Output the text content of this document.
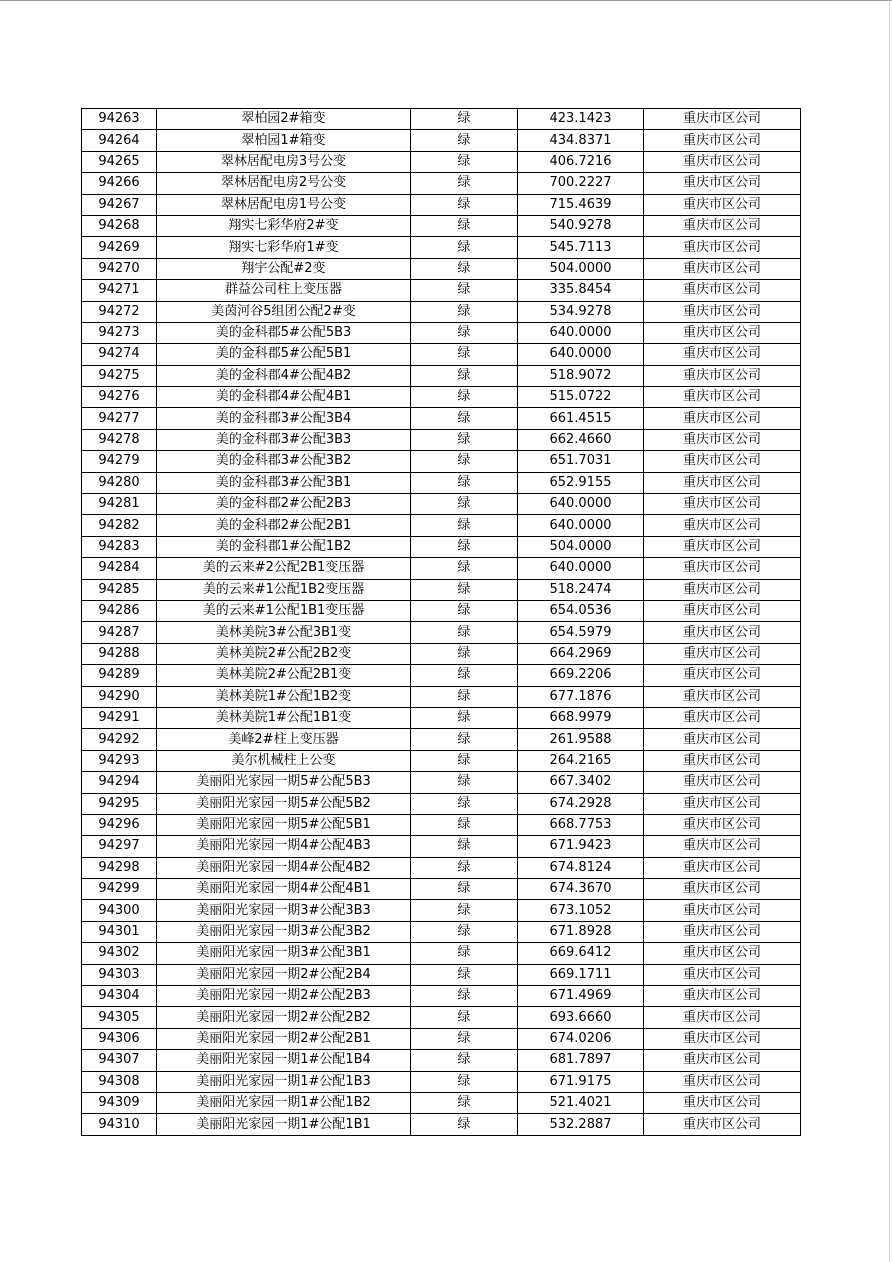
94263	翠柏园2#箱变	绿	423.1423	重庆市区公司
94264	翠柏园1#箱变	绿	434.8371	重庆市区公司
94265	翠林居配电房3号公变	绿	406.7216	重庆市区公司
94266	翠林居配电房2号公变	绿	700.2227	重庆市区公司
94267	翠林居配电房1号公变	绿	715.4639	重庆市区公司
94268	翔实七彩华府2#变	绿	540.9278	重庆市区公司
94269	翔实七彩华府1#变	绿	545.7113	重庆市区公司
94270	翔宇公配#2变	绿	504.0000	重庆市区公司
94271	群益公司柱上变压器	绿	335.8454	重庆市区公司
94272	美茵河谷5组团公配2#变	绿	534.9278	重庆市区公司
94273	美的金科郡5#公配5B3	绿	640.0000	重庆市区公司
94274	美的金科郡5#公配5B1	绿	640.0000	重庆市区公司
94275	美的金科郡4#公配4B2	绿	518.9072	重庆市区公司
94276	美的金科郡4#公配4B1	绿	515.0722	重庆市区公司
94277	美的金科郡3#公配3B4	绿	661.4515	重庆市区公司
94278	美的金科郡3#公配3B3	绿	662.4660	重庆市区公司
94279	美的金科郡3#公配3B2	绿	651.7031	重庆市区公司
94280	美的金科郡3#公配3B1	绿	652.9155	重庆市区公司
94281	美的金科郡2#公配2B3	绿	640.0000	重庆市区公司
94282	美的金科郡2#公配2B1	绿	640.0000	重庆市区公司
94283	美的金科郡1#公配1B2	绿	504.0000	重庆市区公司
94284	美的云来#2公配2B1变压器	绿	640.0000	重庆市区公司
94285	美的云来#1公配1B2变压器	绿	518.2474	重庆市区公司
94286	美的云来#1公配1B1变压器	绿	654.0536	重庆市区公司
94287	美林美院3#公配3B1变	绿	654.5979	重庆市区公司
94288	美林美院2#公配2B2变	绿	664.2969	重庆市区公司
94289	美林美院2#公配2B1变	绿	669.2206	重庆市区公司
94290	美林美院1#公配1B2变	绿	677.1876	重庆市区公司
94291	美林美院1#公配1B1变	绿	668.9979	重庆市区公司
94292	美峰2#柱上变压器	绿	261.9588	重庆市区公司
94293	美尔机械柱上公变	绿	264.2165	重庆市区公司
94294	美丽阳光家园一期5#公配5B3	绿	667.3402	重庆市区公司
94295	美丽阳光家园一期5#公配5B2	绿	674.2928	重庆市区公司
94296	美丽阳光家园一期5#公配5B1	绿	668.7753	重庆市区公司
94297	美丽阳光家园一期4#公配4B3	绿	671.9423	重庆市区公司
94298	美丽阳光家园一期4#公配4B2	绿	674.8124	重庆市区公司
94299	美丽阳光家园一期4#公配4B1	绿	674.3670	重庆市区公司
94300	美丽阳光家园一期3#公配3B3	绿	673.1052	重庆市区公司
94301	美丽阳光家园一期3#公配3B2	绿	671.8928	重庆市区公司
94302	美丽阳光家园一期3#公配3B1	绿	669.6412	重庆市区公司
94303	美丽阳光家园一期2#公配2B4	绿	669.1711	重庆市区公司
94304	美丽阳光家园一期2#公配2B3	绿	671.4969	重庆市区公司
94305	美丽阳光家园一期2#公配2B2	绿	693.6660	重庆市区公司
94306	美丽阳光家园一期2#公配2B1	绿	674.0206	重庆市区公司
94307	美丽阳光家园一期1#公配1B4	绿	681.7897	重庆市区公司
94308	美丽阳光家园一期1#公配1B3	绿	671.9175	重庆市区公司
94309	美丽阳光家园一期1#公配1B2	绿	521.4021	重庆市区公司
94310	美丽阳光家园一期1#公配1B1	绿	532.2887	重庆市区公司
